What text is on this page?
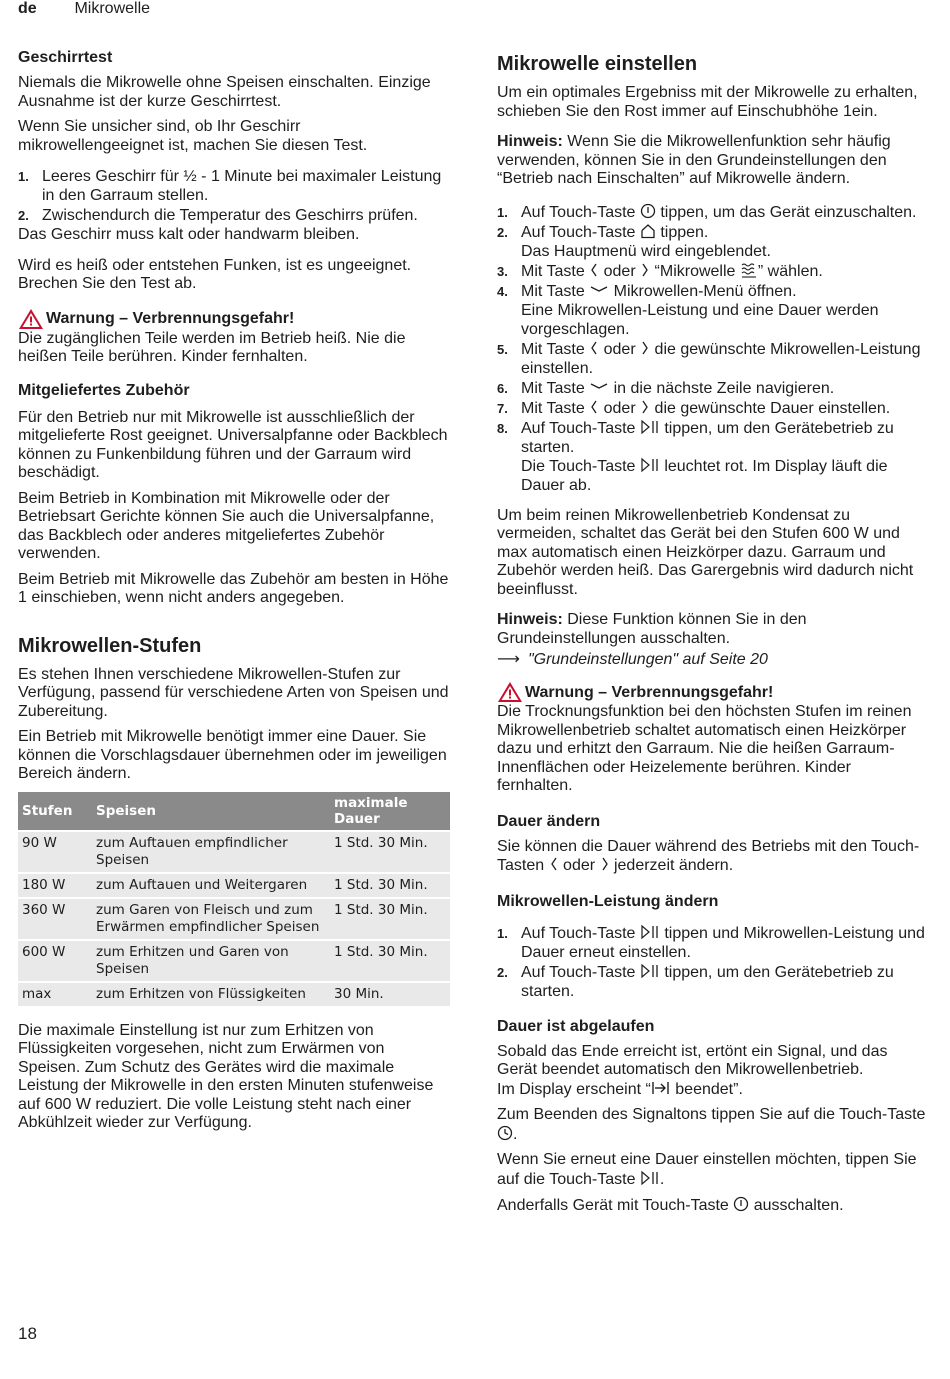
de Mikrowelle
Geschirrtest

Niemals die Mikrowelle ohne Speisen einschalten. Einzige Ausnahme ist der kurze Geschirrtest.

Wenn Sie unsicher sind, ob Ihr Geschirr mikrowellengeeignet ist, machen Sie diesen Test.

1. Leeres Geschirr für ½ - 1 Minute bei maximaler Leistung in den Garraum stellen.
2. Zwischendurch die Temperatur des Geschirrs prüfen.

Das Geschirr muss kalt oder handwarm bleiben.

Wird es heiß oder entstehen Funken, ist es ungeeignet. Brechen Sie den Test ab.

Warnung – Verbrennungsgefahr!

Die zugänglichen Teile werden im Betrieb heiß. Nie die heißen Teile berühren. Kinder fernhalten.

Mitgeliefertes Zubehör

Für den Betrieb nur mit Mikrowelle ist ausschließlich der mitgelieferte Rost geeignet. Universalpfanne oder Backblech können zu Funkenbildung führen und der Garraum wird beschädigt.

Beim Betrieb in Kombination mit Mikrowelle oder der Betriebsart Gerichte können Sie auch die Universalpfanne, das Backblech oder anderes mitgeliefertes Zubehör verwenden.

Beim Betrieb mit Mikrowelle das Zubehör am besten in Höhe 1 einschieben, wenn nicht anders angegeben.

Mikrowellen-Stufen

Es stehen Ihnen verschiedene Mikrowellen-Stufen zur Verfügung, passend für verschiedene Arten von Speisen und Zubereitung.

Ein Betrieb mit Mikrowelle benötigt immer eine Dauer. Sie können die Vorschlagsdauer übernehmen oder im jeweiligen Bereich ändern.

Stufen	Speisen	maximale Dauer
90 W	zum Auftauen empfindlicher Speisen	1 Std. 30 Min.
180 W	zum Auftauen und Weitergaren	1 Std. 30 Min.
360 W	zum Garen von Fleisch und zum Erwärmen empfindlicher Speisen	1 Std. 30 Min.
600 W	zum Erhitzen und Garen von Speisen	1 Std. 30 Min.
max	zum Erhitzen von Flüssigkeiten	30 Min.

Die maximale Einstellung ist nur zum Erhitzen von Flüssigkeiten vorgesehen, nicht zum Erwärmen von Speisen. Zum Schutz des Gerätes wird die maximale Leistung der Mikrowelle in den ersten Minuten stufenweise auf 600 W reduziert. Die volle Leistung steht nach einer Abkühlzeit wieder zur Verfügung.

Mikrowelle einstellen

Um ein optimales Ergebniss mit der Mikrowelle zu erhalten, schieben Sie den Rost immer auf Einschubhöhe 1ein.

Hinweis: Wenn Sie die Mikrowellenfunktion sehr häufig verwenden, können Sie in den Grundeinstellungen den “Betrieb nach Einschalten” auf Mikrowelle ändern.

1. Auf Touch-Taste  tippen, um das Gerät einzuschalten.
2. Auf Touch-Taste  tippen.
Das Hauptmenü wird eingeblendet.
3. Mit Taste  oder  “Mikrowelle ” wählen.
4. Mit Taste  Mikrowellen-Menü öffnen.
Eine Mikrowellen-Leistung und eine Dauer werden vorgeschlagen.
5. Mit Taste  oder  die gewünschte Mikrowellen-Leistung einstellen.
6. Mit Taste  in die nächste Zeile navigieren.
7. Mit Taste  oder  die gewünschte Dauer einstellen.
8. Auf Touch-Taste  tippen, um den Gerätebetrieb zu starten.
Die Touch-Taste  leuchtet rot. Im Display läuft die Dauer ab.

Um beim reinen Mikrowellenbetrieb Kondensat zu vermeiden, schaltet das Gerät bei den Stufen 600 W und max automatisch einen Heizkörper dazu. Garraum und Zubehör werden heiß. Das Garergebnis wird dadurch nicht beeinflusst.

Hinweis: Diese Funktion können Sie in den Grundeinstellungen ausschalten.

⟶ "Grundeinstellungen" auf Seite 20
Warnung – Verbrennungsgefahr!

Die Trocknungsfunktion bei den höchsten Stufen im reinen Mikrowellenbetrieb schaltet automatisch einen Heizkörper dazu und erhitzt den Garraum. Nie die heißen Garraum-Innenflächen oder Heizelemente berühren. Kinder fernhalten.

Dauer ändern

Sie können die Dauer während des Betriebs mit den Touch-Tasten  oder  jederzeit ändern.

Mikrowellen-Leistung ändern
1. Auf Touch-Taste  tippen und Mikrowellen-Leistung und Dauer erneut einstellen.
2. Auf Touch-Taste  tippen, um den Gerätebetrieb zu starten.
Dauer ist abgelaufen

Sobald das Ende erreicht ist, ertönt ein Signal, und das Gerät beendet automatisch den Mikrowellenbetrieb.
Im Display erscheint “ beendet”.

Zum Beenden des Signaltons tippen Sie auf die Touch-Taste .

Wenn Sie erneut eine Dauer einstellen möchten, tippen Sie auf die Touch-Taste .

Anderfalls Gerät mit Touch-Taste  ausschalten.

18
